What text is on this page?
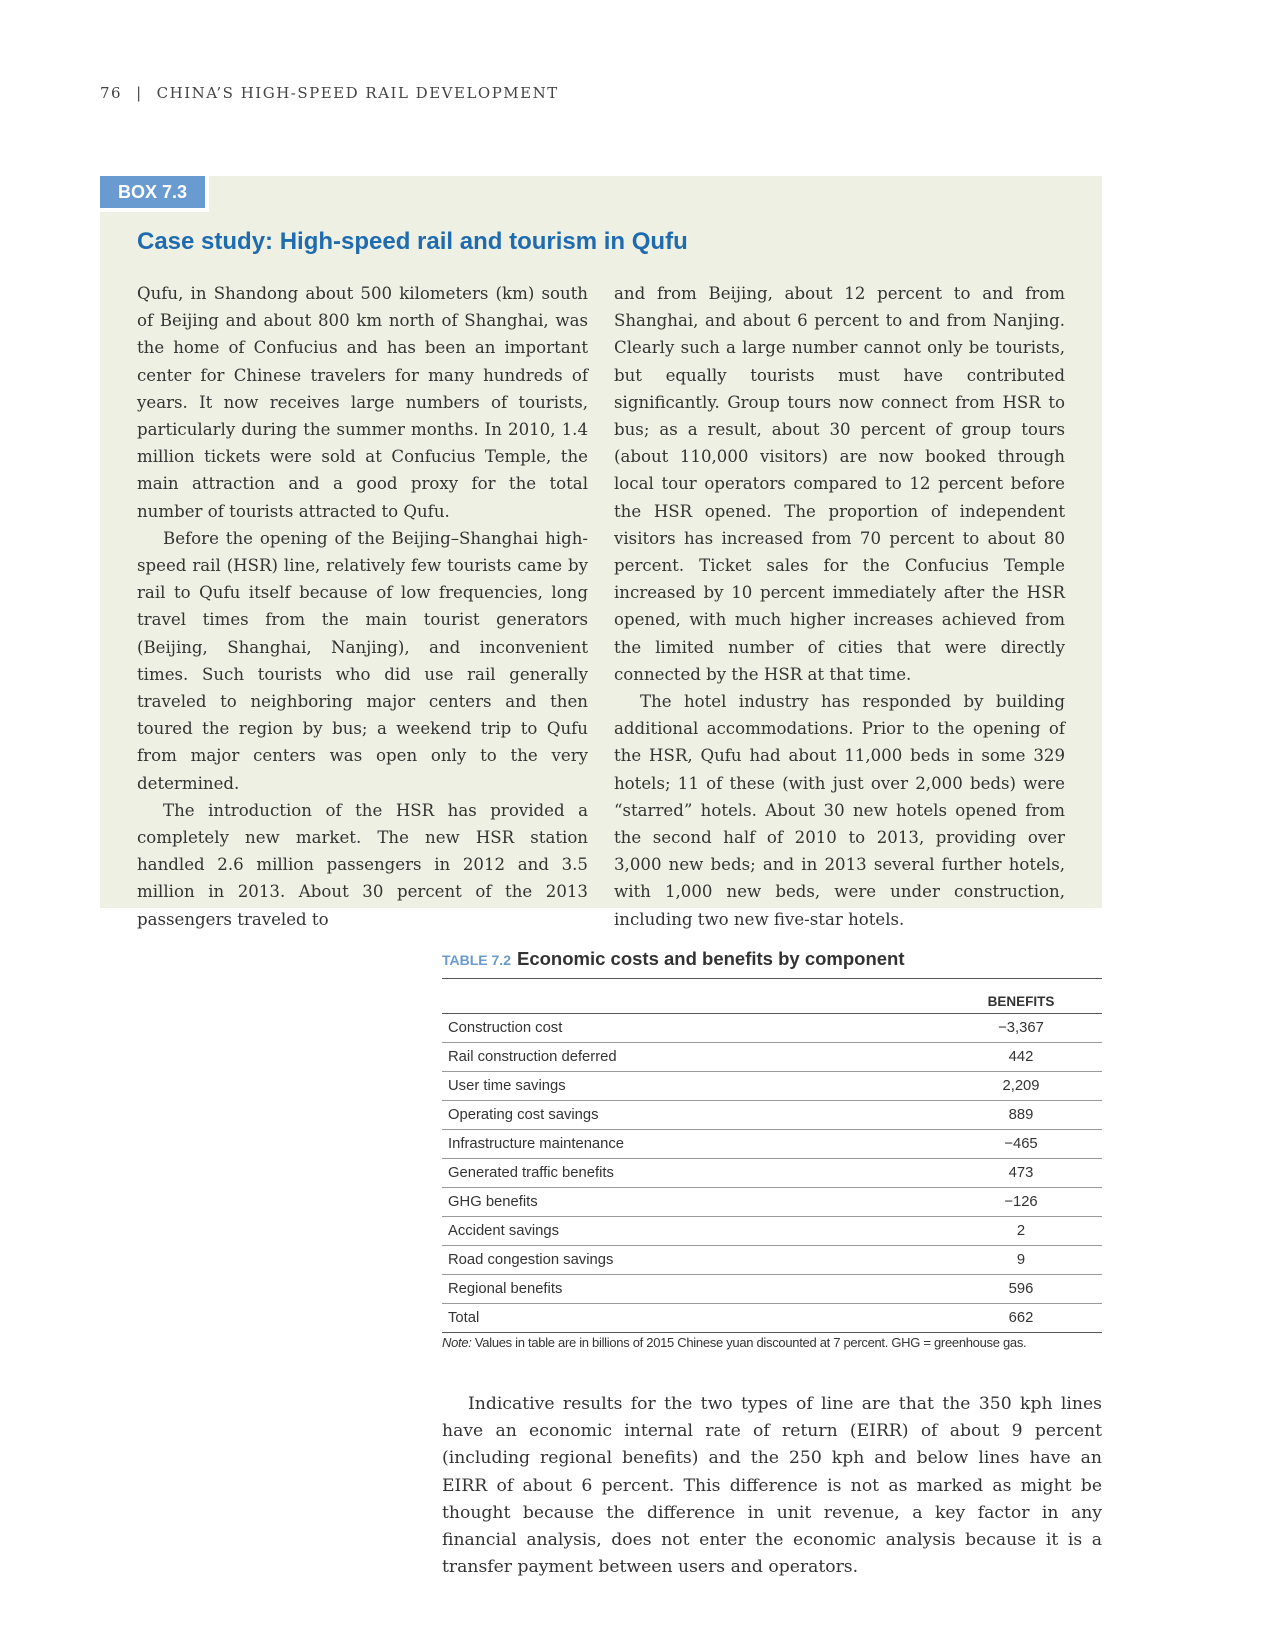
76 | CHINA’S HIGH-SPEED RAIL DEVELOPMENT
BOX 7.3
Case study: High-speed rail and tourism in Qufu

Qufu, in Shandong about 500 kilometers (km) south of Beijing and about 800 km north of Shanghai, was the home of Confucius and has been an important center for Chinese travelers for many hundreds of years. It now receives large numbers of tourists, particularly during the summer months. In 2010, 1.4 million tickets were sold at Confucius Temple, the main attraction and a good proxy for the total number of tourists attracted to Qufu.

Before the opening of the Beijing–Shanghai high-speed rail (HSR) line, relatively few tourists came by rail to Qufu itself because of low frequencies, long travel times from the main tourist generators (Beijing, Shanghai, Nanjing), and inconvenient times. Such tourists who did use rail generally traveled to neighboring major centers and then toured the region by bus; a weekend trip to Qufu from major centers was open only to the very determined.

The introduction of the HSR has provided a completely new market. The new HSR station handled 2.6 million passengers in 2012 and 3.5 million in 2013. About 30 percent of the 2013 passengers traveled to

and from Beijing, about 12 percent to and from Shanghai, and about 6 percent to and from Nanjing. Clearly such a large number cannot only be tourists, but equally tourists must have contributed significantly. Group tours now connect from HSR to bus; as a result, about 30 percent of group tours (about 110,000 visitors) are now booked through local tour operators compared to 12 percent before the HSR opened. The proportion of independent visitors has increased from 70 percent to about 80 percent. Ticket sales for the Confucius Temple increased by 10 percent immediately after the HSR opened, with much higher increases achieved from the limited number of cities that were directly connected by the HSR at that time.

The hotel industry has responded by building additional accommodations. Prior to the opening of the HSR, Qufu had about 11,000 beds in some 329 hotels; 11 of these (with just over 2,000 beds) were “starred” hotels. About 30 new hotels opened from the second half of 2010 to 2013, providing over 3,000 new beds; and in 2013 several further hotels, with 1,000 new beds, were under construction, including two new five-star hotels.

TABLE 7.2 Economic costs and benefits by component
	BENEFITS
Construction cost	−3,367
Rail construction deferred	442
User time savings	2,209
Operating cost savings	889
Infrastructure maintenance	−465
Generated traffic benefits	473
GHG benefits	−126
Accident savings	2
Road congestion savings	9
Regional benefits	596
Total	662
Note: Values in table are in billions of 2015 Chinese yuan discounted at 7 percent. GHG = greenhouse gas.

Indicative results for the two types of line are that the 350 kph lines have an economic internal rate of return (EIRR) of about 9 percent (including regional benefits) and the 250 kph and below lines have an EIRR of about 6 percent. This difference is not as marked as might be thought because the difference in unit revenue, a key factor in any financial analysis, does not enter the economic analysis because it is a transfer payment between users and operators.
